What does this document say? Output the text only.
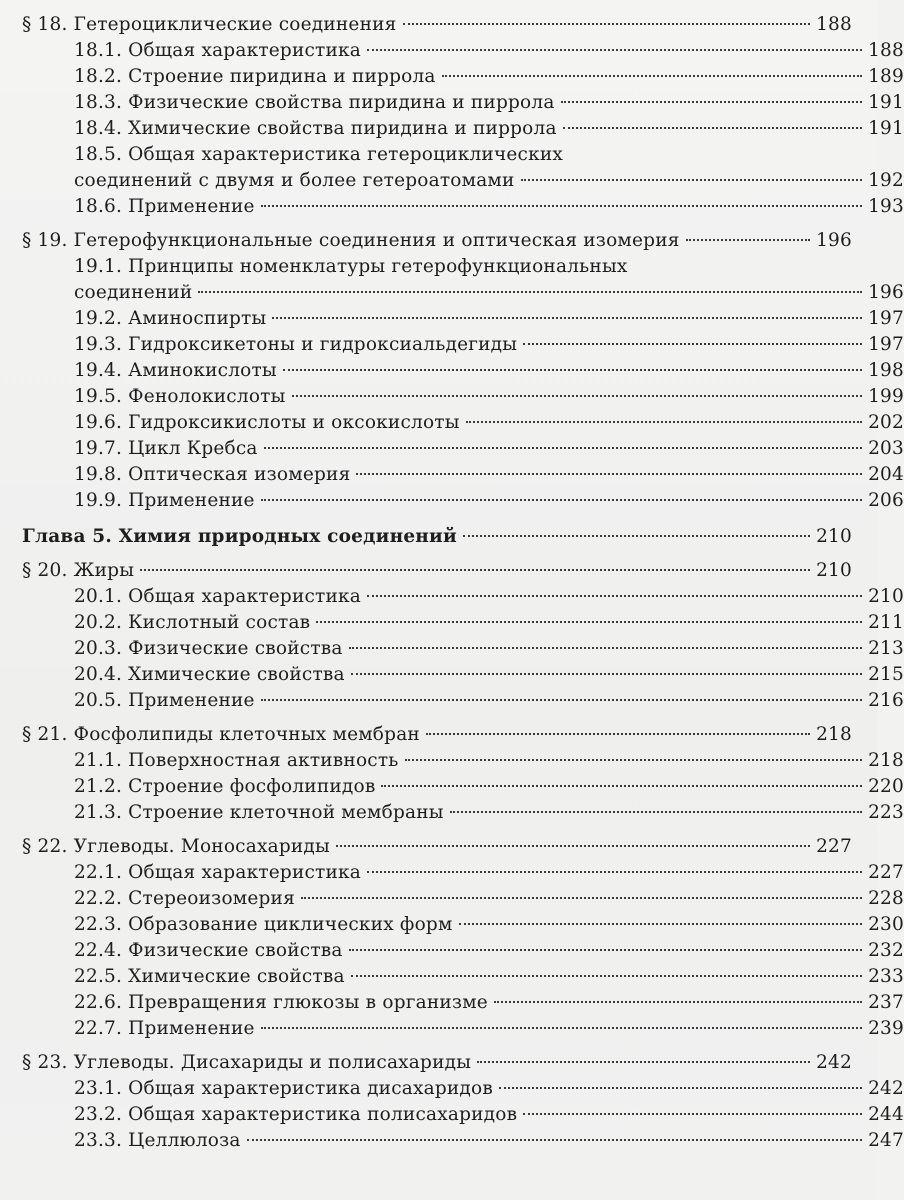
§ 18. Гетероциклические соединения	188
18.1. Общая характеристика	188
18.2. Строение пиридина и пиррола	189
18.3. Физические свойства пиридина и пиррола	191
18.4. Химические свойства пиридина и пиррола	191
18.5. Общая характеристика гетероциклических
соединений с двумя и более гетероатомами	192
18.6. Применение	193
§ 19. Гетерофункциональные соединения и оптическая изомерия	196
19.1. Принципы номенклатуры гетерофункциональных
соединений	196
19.2. Аминоспирты	197
19.3. Гидроксикетоны и гидроксиальдегиды	197
19.4. Аминокислоты	198
19.5. Фенолокислоты	199
19.6. Гидроксикислоты и оксокислоты	202
19.7. Цикл Кребса	203
19.8. Оптическая изомерия	204
19.9. Применение	206
Глава 5. Химия природных соединений	210
§ 20. Жиры	210
20.1. Общая характеристика	210
20.2. Кислотный состав	211
20.3. Физические свойства	213
20.4. Химические свойства	215
20.5. Применение	216
§ 21. Фосфолипиды клеточных мембран	218
21.1. Поверхностная активность	218
21.2. Строение фосфолипидов	220
21.3. Строение клеточной мембраны	223
§ 22. Углеводы. Моносахариды	227
22.1. Общая характеристика	227
22.2. Стереоизомерия	228
22.3. Образование циклических форм	230
22.4. Физические свойства	232
22.5. Химические свойства	233
22.6. Превращения глюкозы в организме	237
22.7. Применение	239
§ 23. Углеводы. Дисахариды и полисахариды	242
23.1. Общая характеристика дисахаридов	242
23.2. Общая характеристика полисахаридов	244
23.3. Целлюлоза	247
